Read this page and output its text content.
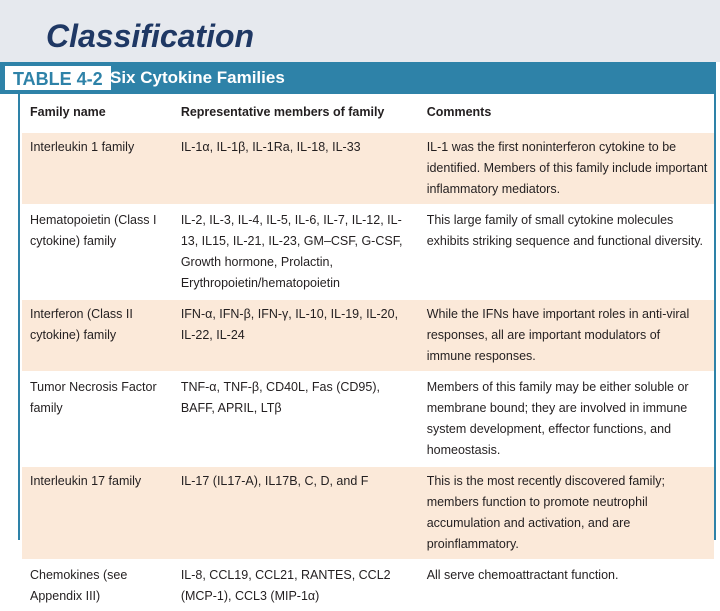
Classification
TABLE 4-2 Six Cytokine Families
Family name	Representative members of family	Comments
Interleukin 1 family	IL-1α, IL-1β, IL-1Ra, IL-18, IL-33	IL-1 was the first noninterferon cytokine to be identified. Members of this family include important inflammatory mediators.
Hematopoietin (Class I cytokine) family	IL-2, IL-3, IL-4, IL-5, IL-6, IL-7, IL-12, IL-13, IL15, IL-21, IL-23, GM–CSF, G-CSF, Growth hormone, Prolactin, Erythropoietin/hematopoietin	This large family of small cytokine molecules exhibits striking sequence and functional diversity.
Interferon (Class II cytokine) family	IFN-α, IFN-β, IFN-γ, IL-10, IL-19, IL-20, IL-22, IL-24	While the IFNs have important roles in anti-viral responses, all are important modulators of immune responses.
Tumor Necrosis Factor family	TNF-α, TNF-β, CD40L, Fas (CD95), BAFF, APRIL, LTβ	Members of this family may be either soluble or membrane bound; they are involved in immune system development, effector functions, and homeostasis.
Interleukin 17 family	IL-17 (IL17-A), IL17B, C, D, and F	This is the most recently discovered family; members function to promote neutrophil accumulation and activation, and are proinflammatory.
Chemokines (see Appendix III)	IL-8, CCL19, CCL21, RANTES, CCL2 (MCP-1), CCL3 (MIP-1α)	All serve chemoattractant function.
